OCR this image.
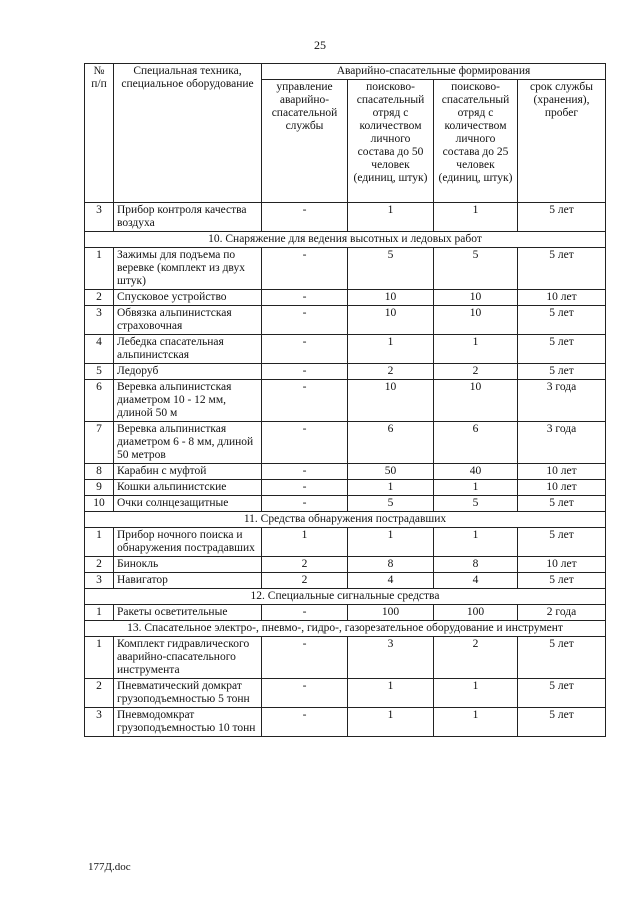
25
№ п/п	Специальная техника, специальное оборудование	Аварийно-спасательные формирования			
		управление аварийно-спасательной службы	поисково-спасательный отряд с количеством личного состава до 50 человек (единиц, штук)	поисково-спасательный отряд с количеством личного состава до 25 человек (единиц, штук)	срок службы (хранения), пробег
3	Прибор контроля качества воздуха	-	1	1	5 лет
10. Снаряжение для ведения высотных и ледовых работ					
1	Зажимы для подъема по веревке (комплект из двух штук)	-	5	5	5 лет
2	Спусковое устройство	-	10	10	10 лет
3	Обвязка альпинистская страховочная	-	10	10	5 лет
4	Лебедка спасательная альпинистская	-	1	1	5 лет
5	Ледоруб	-	2	2	5 лет
6	Веревка альпинистская диаметром 10 - 12 мм, длиной 50 м	-	10	10	3 года
7	Веревка альпинисткая диаметром 6 - 8 мм, длиной 50 метров	-	6	6	3 года
8	Карабин с муфтой	-	50	40	10 лет
9	Кошки альпинистские	-	1	1	10 лет
10	Очки солнцезащитные	-	5	5	5 лет
11. Средства обнаружения пострадавших					
1	Прибор ночного поиска и обнаружения пострадавших	1	1	1	5 лет
2	Бинокль	2	8	8	10 лет
3	Навигатор	2	4	4	5 лет
12. Специальные сигнальные средства					
1	Ракеты осветительные	-	100	100	2 года
13. Спасательное электро-, пневмо-, гидро-, газорезательное оборудование и инструмент					
1	Комплект гидравлического аварийно-спасательного инструмента	-	3	2	5 лет
2	Пневматический домкрат грузоподъемностью 5 тонн	-	1	1	5 лет
3	Пневмодомкрат грузоподъемностью 10 тонн	-	1	1	5 лет
177Д.doc
